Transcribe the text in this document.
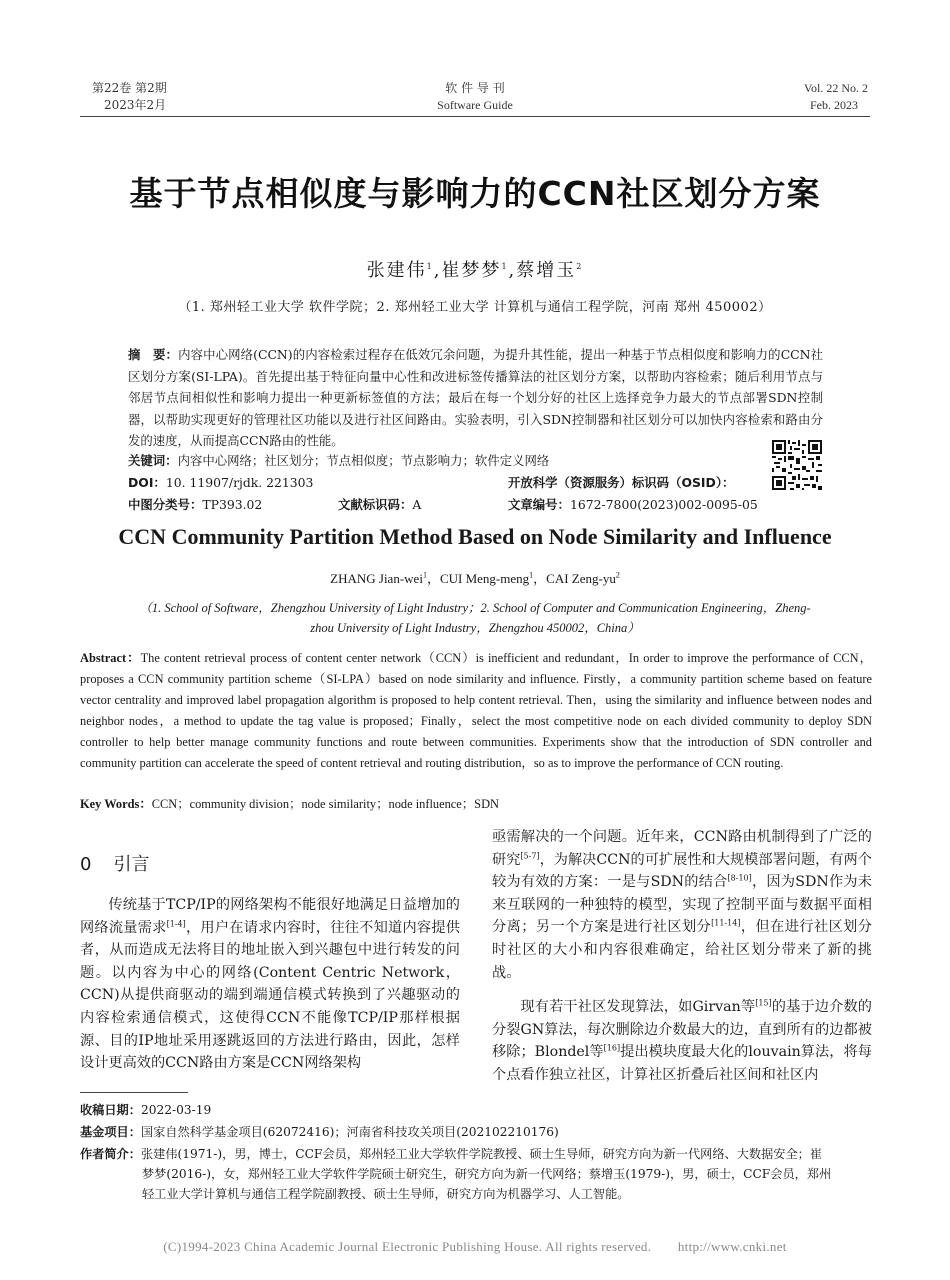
第22卷 第2期
2023年2月
软 件 导 刊
Software Guide
Vol. 22 No. 2
Feb. 2023
基于节点相似度与影响力的CCN社区划分方案
张建伟$^1$,崔梦梦$^1$,蔡增玉$^2$
（1. 郑州轻工业大学 软件学院；2. 郑州轻工业大学 计算机与通信工程学院，河南 郑州 450002）
摘　要：内容中心网络(CCN)的内容检索过程存在低效冗余问题，为提升其性能，提出一种基于节点相似度和影响力的CCN社区划分方案(SI-LPA)。首先提出基于特征向量中心性和改进标签传播算法的社区划分方案，以帮助内容检索；随后利用节点与邻居节点间相似性和影响力提出一种更新标签值的方法；最后在每一个划分好的社区上选择竞争力最大的节点部署SDN控制器，以帮助实现更好的管理社区功能以及进行社区间路由。实验表明，引入SDN控制器和社区划分可以加快内容检索和路由分发的速度，从而提高CCN路由的性能。
关键词：内容中心网络；社区划分；节点相似度；节点影响力；软件定义网络
DOI：10. 11907/rjdk. 221303	开放科学（资源服务）标识码（OSID）：
中图分类号：TP393.02	文献标识码：A	文章编号：1672-7800(2023)002-0095-05
CCN Community Partition Method Based on Node Similarity and Influence
ZHANG Jian-wei$^1$，CUI Meng-meng$^1$，CAI Zeng-$yu^2$
（1. School of Software，Zhengzhou University of Light Industry；2. School of Computer and Communication Engineering，Zheng-
zhou University of Light Industry，Zhengzhou 450002，China）
Abstract：The content retrieval process of content center network（CCN）is inefficient and redundant，In order to improve the performance of CCN，proposes a CCN community partition scheme（SI-LPA）based on node similarity and influence. Firstly，a community partition scheme based on feature vector centrality and improved label propagation algorithm is proposed to help content retrieval. Then，using the similarity and influence between nodes and neighbor nodes，a method to update the tag value is proposed；Finally，select the most competitive node on each divided community to deploy SDN controller to help better manage community functions and route between communities. Experiments show that the introduction of SDN controller and community partition can accelerate the speed of content retrieval and routing distribution，so as to improve the performance of CCN routing.
Key Words：CCN；community division；node similarity；node influence；SDN
0 引言

传统基于TCP/IP的网络架构不能很好地满足日益增加的网络流量需求[1-4]，用户在请求内容时，往往不知道内容提供者，从而造成无法将目的地址嵌入到兴趣包中进行转发的问题。以内容为中心的网络(Content Centric Network，CCN)从提供商驱动的端到端通信模式转换到了兴趣驱动的内容检索通信模式，这使得CCN不能像TCP/IP那样根据源、目的IP地址采用逐跳返回的方法进行路由，因此，怎样设计更高效的CCN路由方案是CCN网络架构

亟需解决的一个问题。近年来，CCN路由机制得到了广泛的研究[5-7]，为解决CCN的可扩展性和大规模部署问题，有两个较为有效的方案：一是与SDN的结合[8-10]，因为SDN作为未来互联网的一种独特的模型，实现了控制平面与数据平面相分离；另一个方案是进行社区划分[11-14]，但在进行社区划分时社区的大小和内容很难确定，给社区划分带来了新的挑战。

现有若干社区发现算法，如Girvan等[15]的基于边介数的分裂GN算法，每次删除边介数最大的边，直到所有的边都被移除；Blondel等[16]提出模块度最大化的louvain算法，将每个点看作独立社区，计算社区折叠后社区间和社区内

收稿日期：2022-03-19
基金项目：国家自然科学基金项目(62072416)；河南省科技攻关项目(202102210176)
作者简介：张建伟(1971-)，男，博士，CCF会员，郑州轻工业大学软件学院教授、硕士生导师，研究方向为新一代网络、大数据安全；崔
梦梦(2016-)，女，郑州轻工业大学软件学院硕士研究生，研究方向为新一代网络；蔡增玉(1979-)，男，硕士，CCF会员，郑州
轻工业大学计算机与通信工程学院副教授、硕士生导师，研究方向为机器学习、人工智能。
(C)1994-2023 China Academic Journal Electronic Publishing House. All rights reserved.　　http://www.cnki.net
